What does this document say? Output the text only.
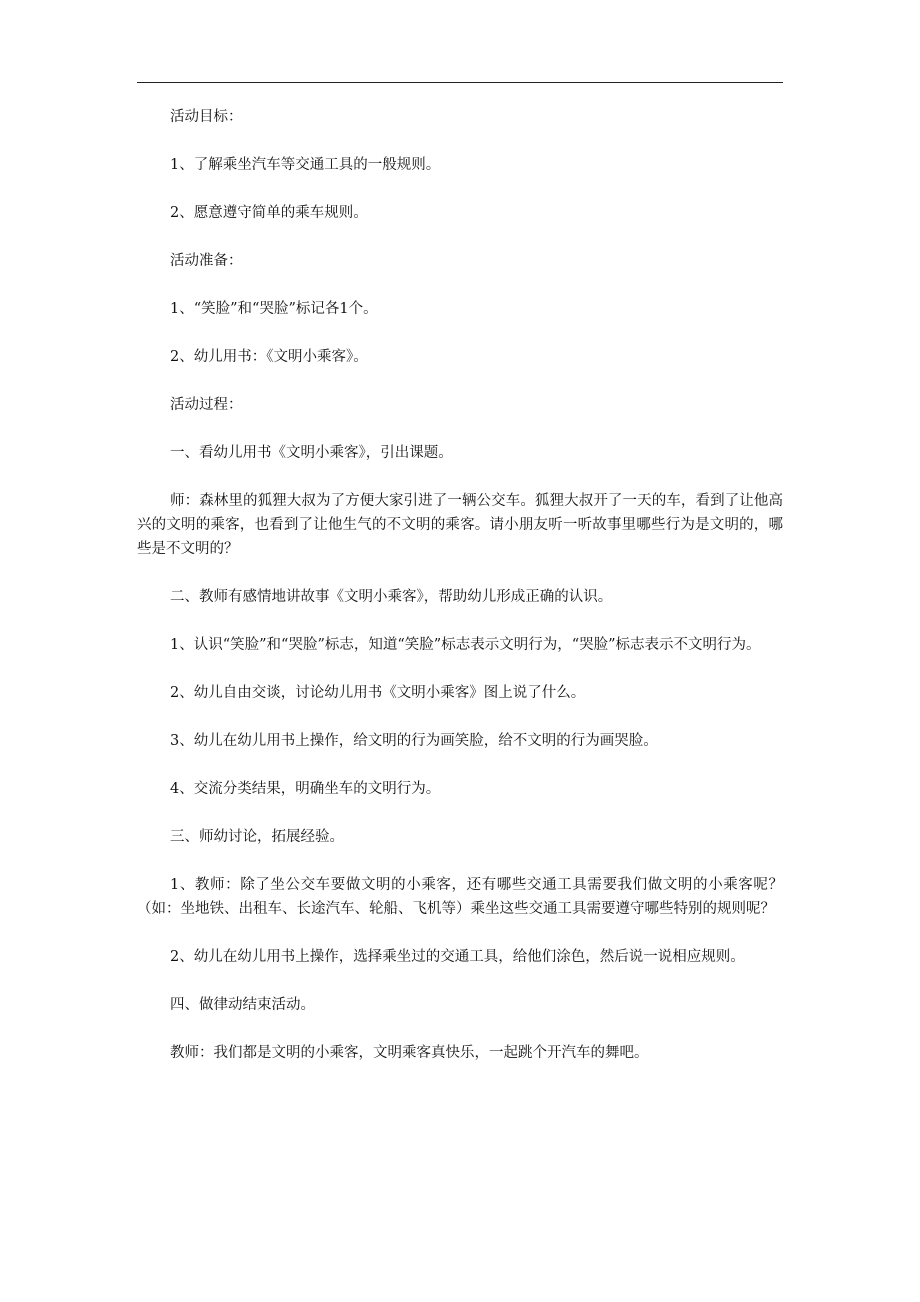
活动目标：

1、了解乘坐汽车等交通工具的一般规则。

2、愿意遵守简单的乘车规则。

活动准备：

1、“笑脸”和“哭脸”标记各1个。

2、幼儿用书：《文明小乘客》。

活动过程：

一、看幼儿用书《文明小乘客》，引出课题。

师：森林里的狐狸大叔为了方便大家引进了一辆公交车。狐狸大叔开了一天的车，看到了让他高兴的文明的乘客，也看到了让他生气的不文明的乘客。请小朋友听一听故事里哪些行为是文明的，哪些是不文明的？

二、教师有感情地讲故事《文明小乘客》，帮助幼儿形成正确的认识。

1、认识“笑脸”和“哭脸”标志，知道“笑脸”标志表示文明行为，“哭脸”标志表示不文明行为。

2、幼儿自由交谈，讨论幼儿用书《文明小乘客》图上说了什么。

3、幼儿在幼儿用书上操作，给文明的行为画笑脸，给不文明的行为画哭脸。

4、交流分类结果，明确坐车的文明行为。

三、师幼讨论，拓展经验。

1、教师：除了坐公交车要做文明的小乘客，还有哪些交通工具需要我们做文明的小乘客呢？（如：坐地铁、出租车、长途汽车、轮船、飞机等）乘坐这些交通工具需要遵守哪些特别的规则呢？

2、幼儿在幼儿用书上操作，选择乘坐过的交通工具，给他们涂色，然后说一说相应规则。

四、做律动结束活动。

教师：我们都是文明的小乘客，文明乘客真快乐，一起跳个开汽车的舞吧。
